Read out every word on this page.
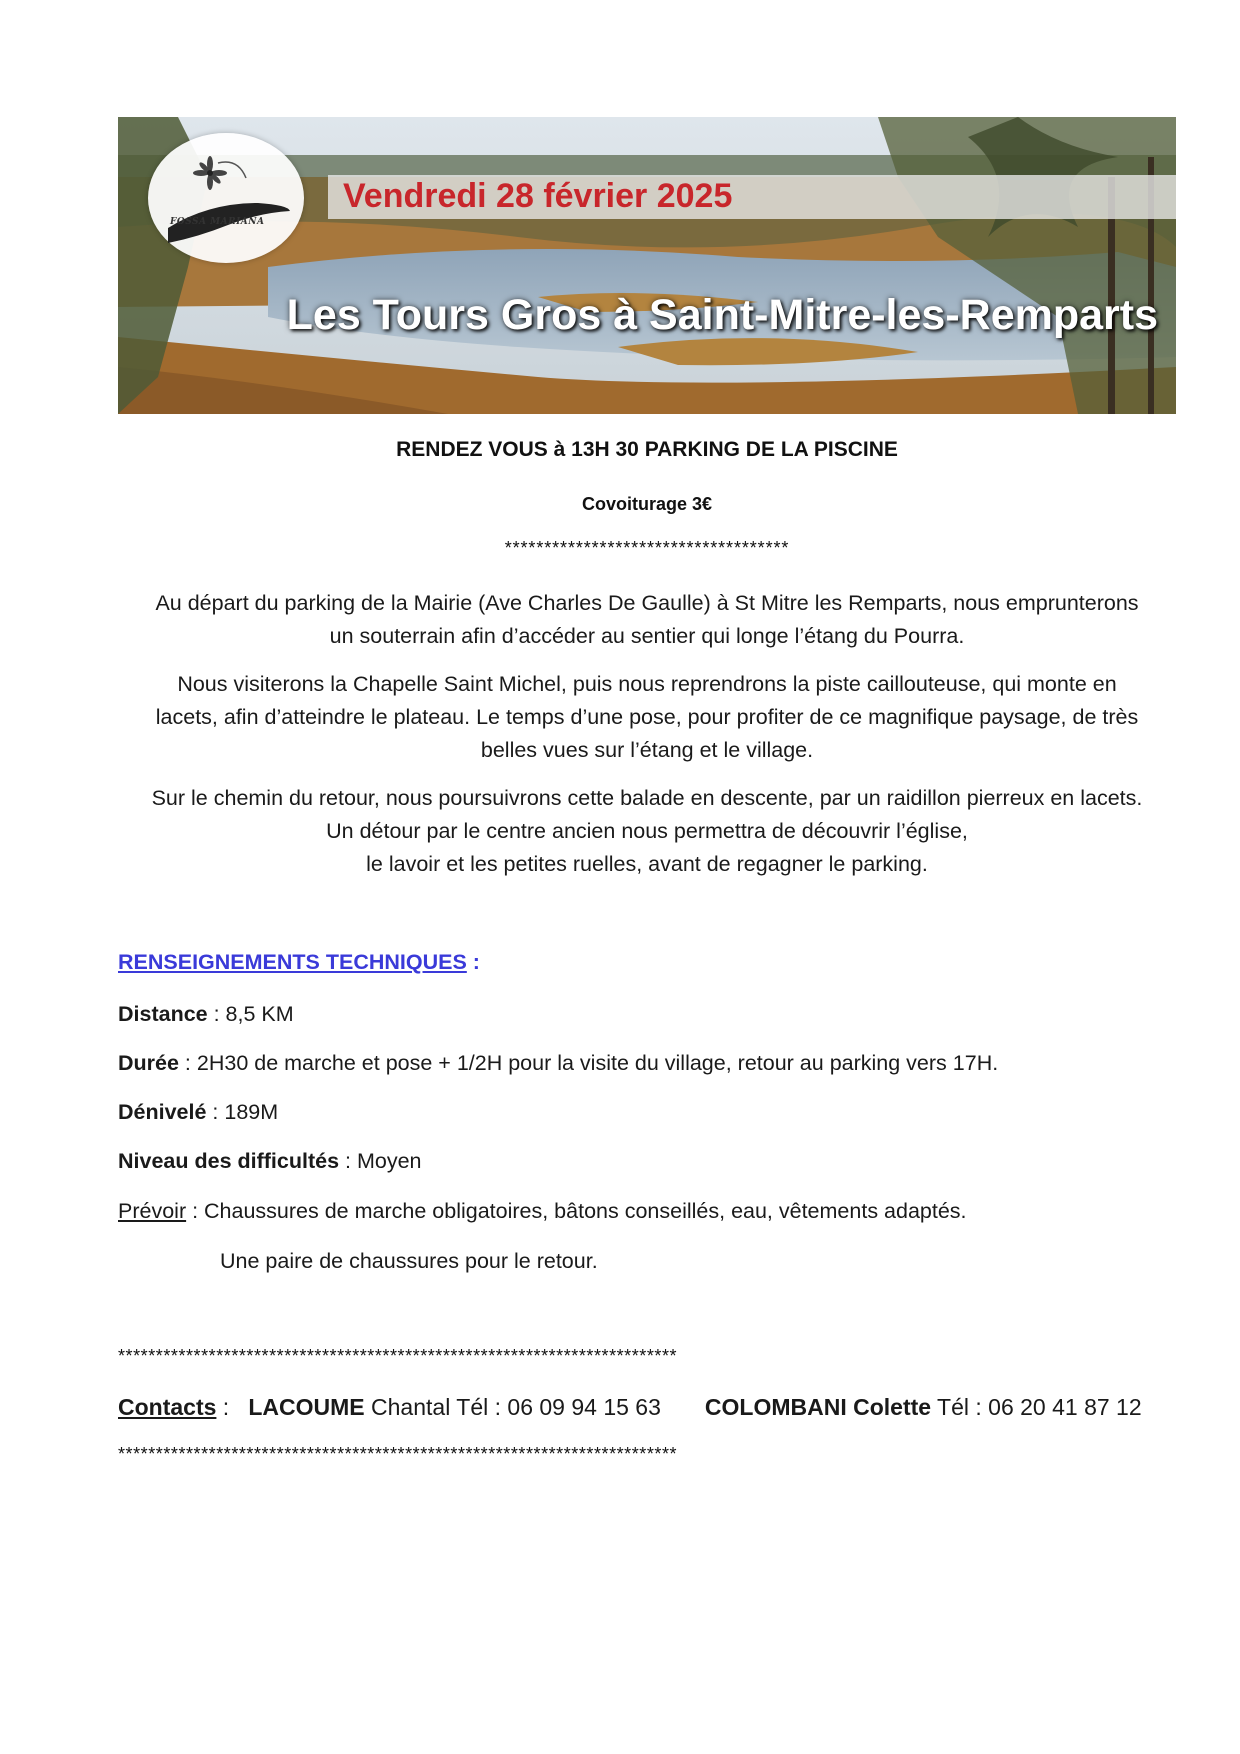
FOSSA MARIANA
Vendredi 28 février 2025
Les Tours Gros à Saint-Mitre-les-Remparts
RENDEZ VOUS à 13H 30 PARKING DE LA PISCINE
Covoiturage 3€
************************************
Au départ du parking de la Mairie (Ave Charles De Gaulle) à St Mitre les Remparts, nous emprunterons
un souterrain afin d’accéder au sentier qui longe l’étang du Pourra.
Nous visiterons la Chapelle Saint Michel, puis nous reprendrons la piste caillouteuse, qui monte en
lacets, afin d’atteindre le plateau. Le temps d’une pose, pour profiter de ce magnifique paysage, de très
belles vues sur l’étang et le village.
Sur le chemin du retour, nous poursuivrons cette balade en descente, par un raidillon pierreux en lacets.
Un détour par le centre ancien nous permettra de découvrir l’église,
le lavoir et les petites ruelles, avant de regagner le parking.
RENSEIGNEMENTS TECHNIQUES :
Distance : 8,5 KM
Durée : 2H30 de marche et pose + 1/2H pour la visite du village, retour au parking vers 17H.
Dénivelé : 189M
Niveau des difficultés : Moyen
Prévoir : Chaussures de marche obligatoires, bâtons conseillés, eau, vêtements adaptés.
Une paire de chaussures pour le retour.
**************************************************************************
Contacts :   LACOUME Chantal Tél : 06 09 94 15 63 COLOMBANI Colette Tél : 06 20 41 87 12
**************************************************************************
